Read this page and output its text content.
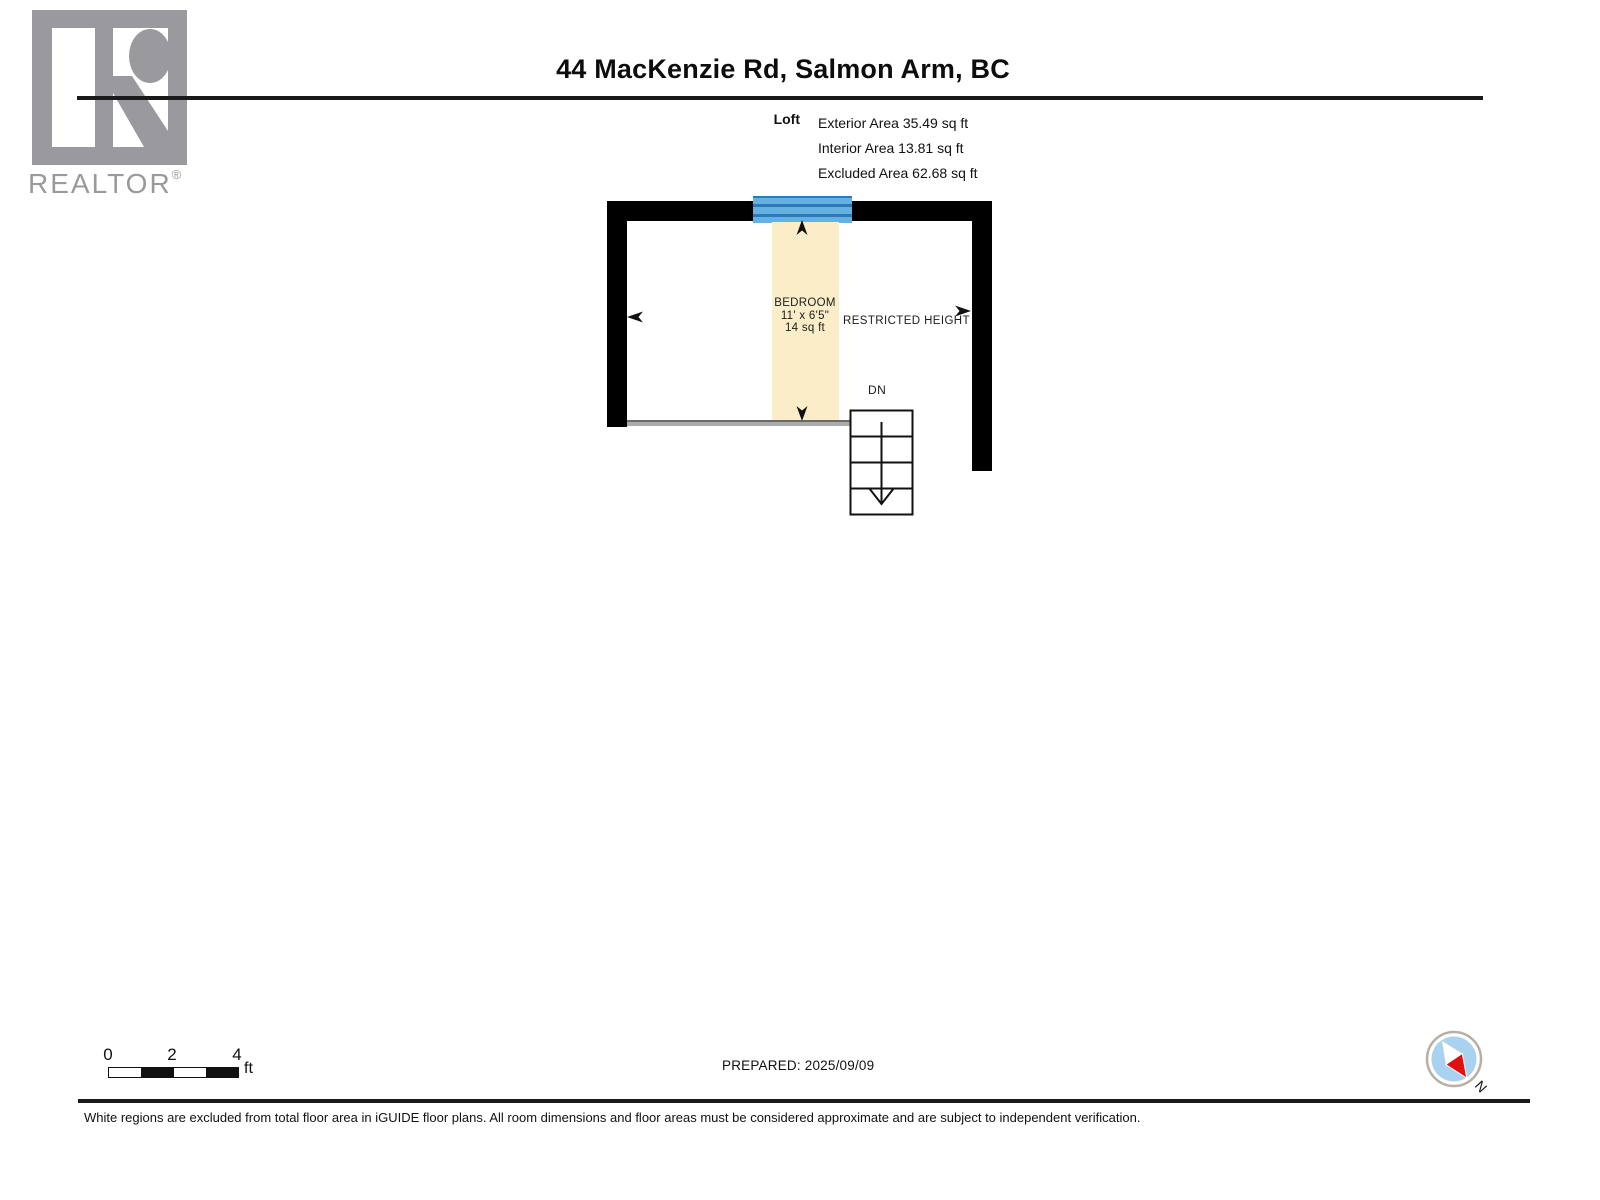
REALTOR®
44 MacKenzie Rd, Salmon Arm, BC
Loft Exterior Area 35.49 sq ft
Interior Area 13.81 sq ft
Excluded Area 62.68 sq ft
BEDROOM
11' x 6'5"
14 sq ft
RESTRICTED HEIGHT
DN
0	2	4
ft	PREPARED: 2025/09/09
N
White regions are excluded from total floor area in iGUIDE floor plans. All room dimensions and floor areas must be considered approximate and are subject to independent verification.
